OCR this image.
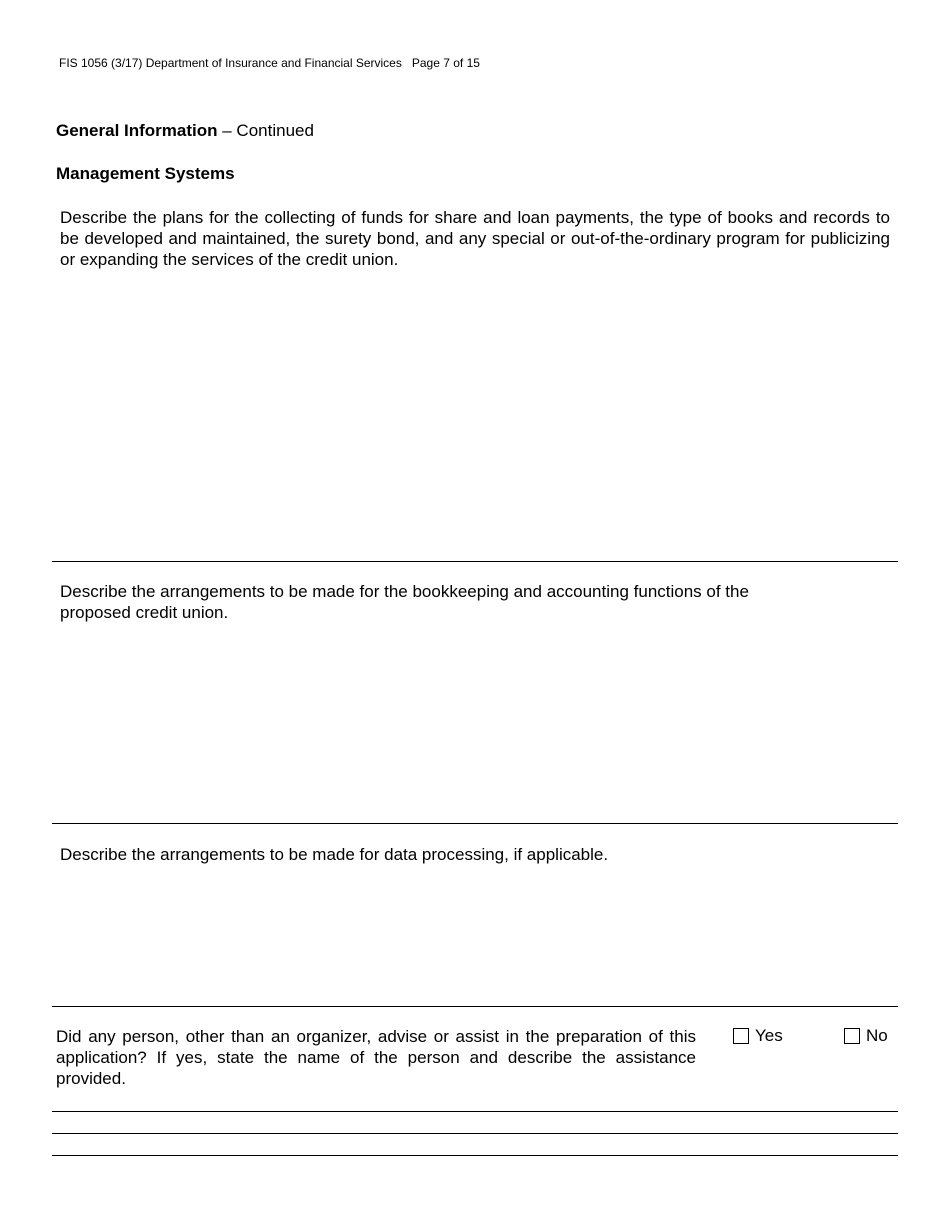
FIS 1056 (3/17) Department of Insurance and Financial Services Page 7 of 15
General Information – Continued
Management Systems
Describe the plans for the collecting of funds for share and loan payments, the type of books and records to be developed and maintained, the surety bond, and any special or out-of-the-ordinary program for publicizing or expanding the services of the credit union.
Describe the arrangements to be made for the bookkeeping and accounting functions of the proposed credit union.
Describe the arrangements to be made for data processing, if applicable.
Did any person, other than an organizer, advise or assist in the preparation of this application? If yes, state the name of the person and describe the assistance provided.
Yes	No
